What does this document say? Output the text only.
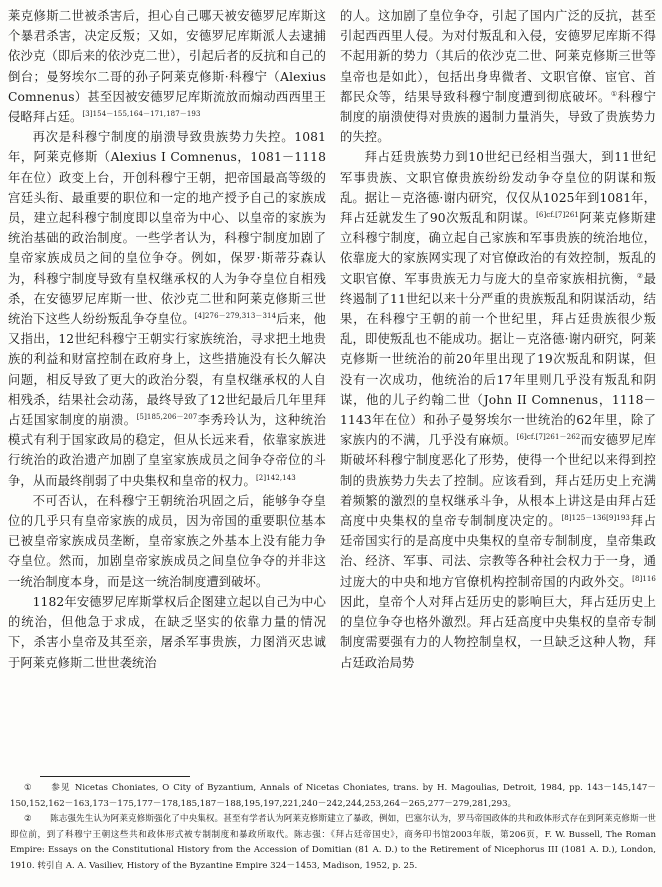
莱克修斯二世被杀害后，担心自己哪天被安德罗尼库斯这个暴君杀害，决定反叛；又如，安德罗尼库斯派人去逮捕依沙克（即后来的依沙克二世），引起后者的反抗和自己的倒台；曼努埃尔二哥的孙子阿莱克修斯·科穆宁（Alexius Comnenus）甚至因被安德罗尼库斯流放而煽动西西里王侵略拜占廷。$^{[3]154-155,164-171,187-193}$

再次是科穆宁制度的崩溃导致贵族势力失控。1081年，阿莱克修斯（Alexius I Comnenus，1081－1118年在位）政变上台，开创科穆宁王朝，把帝国最高等级的宫廷头衔、最重要的职位和一定的地产授予自己的家族成员，建立起科穆宁制度即以皇帝为中心、以皇帝的家族为统治基础的政治制度。一些学者认为，科穆宁制度加剧了皇帝家族成员之间的皇位争夺。例如，保罗·斯蒂芬森认为，科穆宁制度导致有皇权继承权的人为争夺皇位自相残杀，在安德罗尼库斯一世、依沙克二世和阿莱克修斯三世统治下这些人纷纷叛乱争夺皇位。$^{[4]276-279,313-314}$后来，他又指出，12世纪科穆宁王朝实行家族统治，寻求把土地贵族的利益和财富控制在政府身上，这些措施没有长久解决问题，相反导致了更大的政治分裂，有皇权继承权的人自相残杀，结果社会动荡，最终导致了12世纪最后几年里拜占廷国家制度的崩溃。$^{[5]185,206-207}$李秀玲认为，这种统治模式有利于国家政局的稳定，但从长远来看，依靠家族进行统治的政治遗产加剧了皇室家族成员之间争夺帝位的斗争，从而最终削弱了中央集权和皇帝的权力。$^{[2]142,143}$

不可否认，在科穆宁王朝统治巩固之后，能够争夺皇位的几乎只有皇帝家族的成员，因为帝国的重要职位基本已被皇帝家族成员垄断，皇帝家族之外基本上没有能力争夺皇位。然而，加剧皇帝家族成员之间皇位争夺的并非这一统治制度本身，而是这一统治制度遭到破坏。

1182年安德罗尼库斯掌权后企图建立起以自己为中心的统治，但他急于求成，在缺乏坚实的依靠力量的情况下，杀害小皇帝及其至亲，屠杀军事贵族，力图消灭忠诚于阿莱克修斯二世世袭统治

的人。这加剧了皇位争夺，引起了国内广泛的反抗，甚至引起西西里人侵。为对付叛乱和入侵，安德罗尼库斯不得不起用新的势力（其后的依沙克二世、阿莱克修斯三世等皇帝也是如此），包括出身卑微者、文职官僚、宦官、首都民众等，结果导致科穆宁制度遭到彻底破坏。①科穆宁制度的崩溃使得对贵族的遏制力量消失，导致了贵族势力的失控。

拜占廷贵族势力到10世纪已经相当强大，到11世纪军事贵族、文职官僚贵族纷纷发动争夺皇位的阴谋和叛乱。据让－克洛德·谢内研究，仅仅从1025年到1081年，拜占廷就发生了90次叛乱和阴谋。$^{[6]cf.[7]261}$阿莱克修斯建立科穆宁制度，确立起自己家族和军事贵族的统治地位，依靠庞大的家族网实现了对官僚政治的有效控制，叛乱的文职官僚、军事贵族无力与庞大的皇帝家族相抗衡，②最终遏制了11世纪以来十分严重的贵族叛乱和阴谋活动，结果，在科穆宁王朝的前一个世纪里，拜占廷贵族很少叛乱，即使叛乱也不能成功。据让－克洛德·谢内研究，阿莱克修斯一世统治的前20年里出现了19次叛乱和阴谋，但没有一次成功，他统治的后17年里则几乎没有叛乱和阴谋，他的儿子约翰二世（John II Comnenus，1118－1143年在位）和孙子曼努埃尔一世统治的62年里，除了家族内的不满，几乎没有麻烦。$^{[6]cf.[7]261-262}$而安德罗尼库斯破坏科穆宁制度恶化了形势，使得一个世纪以来得到控制的贵族势力失去了控制。应该看到，拜占廷历史上充满着频繁的激烈的皇权继承斗争，从根本上讲这是由拜占廷高度中央集权的皇帝专制制度决定的。$^{[8]125-136[9]193}$拜占廷帝国实行的是高度中央集权的皇帝专制制度，皇帝集政治、经济、军事、司法、宗教等各种社会权力于一身，通过庞大的中央和地方官僚机构控制帝国的内政外交。$^{[8]116}$因此，皇帝个人对拜占廷历史的影响巨大，拜占廷历史上的皇位争夺也格外激烈。拜占廷高度中央集权的皇帝专制制度需要强有力的人物控制皇权，一旦缺乏这种人物，拜占廷政治局势

① 参见 Nicetas Choniates, O City of Byzantium, Annals of Nicetas Choniates, trans. by H. Magoulias, Detroit, 1984, pp. 143－145,147－150,152,162－163,173－175,177－178,185,187－188,195,197,221,240－242,244,253,264－265,277－279,281,293。

② 陈志强先生认为阿莱克修斯强化了中央集权。甚至有学者认为阿莱克修斯建立了暴政，例如，巴塞尔认为，罗马帝国政体的共和政体形式存在到阿莱克修斯一世即位前，到了科穆宁王朝这些共和政体形式被专制制度和暴政所取代。陈志强：《拜占廷帝国史》，商务印书馆2003年版，第206页，F. W. Bussell, The Roman Empire: Essays on the Constitutional History from the Accession of Domitian (81 A. D.) to the Retirement of Nicephorus III (1081 A. D.), London, 1910. 转引自 A. A. Vasiliev, History of the Byzantine Empire 324－1453, Madison, 1952, p. 25.
